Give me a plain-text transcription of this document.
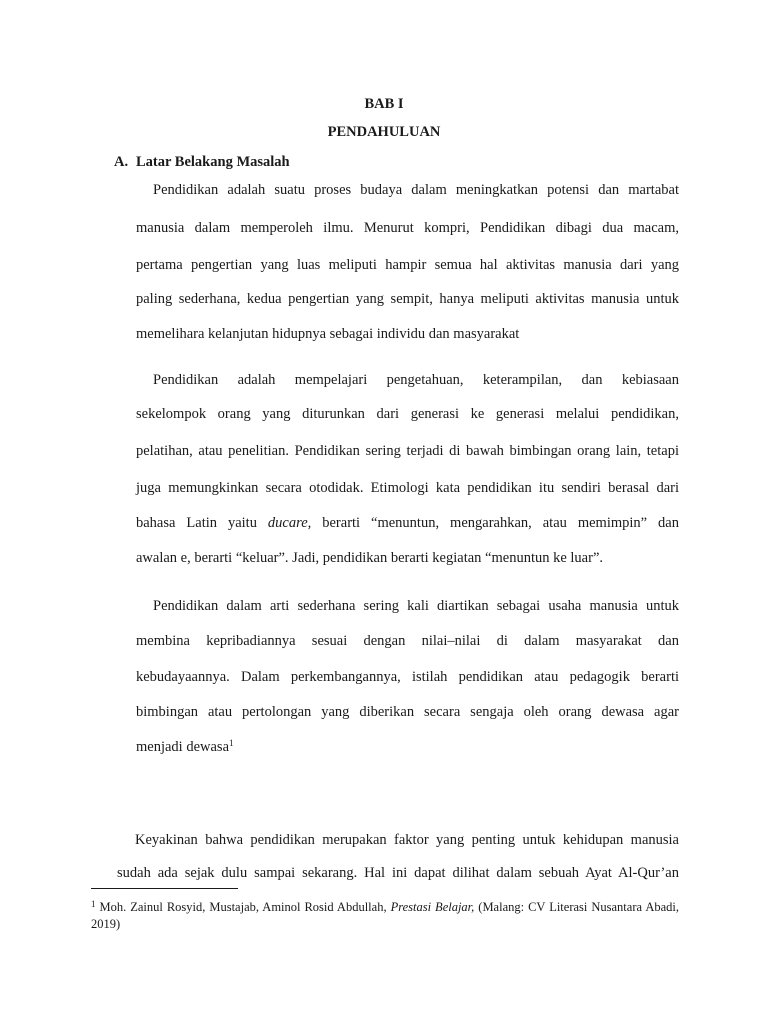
BAB I
PENDAHULUAN
A. Latar Belakang Masalah
Pendidikan adalah suatu proses budaya dalam meningkatkan potensi dan martabat
manusia dalam memperoleh ilmu. Menurut kompri, Pendidikan dibagi dua macam,
pertama pengertian yang luas meliputi hampir semua hal aktivitas manusia dari yang
paling sederhana, kedua pengertian yang sempit, hanya meliputi aktivitas manusia untuk
memelihara kelanjutan hidupnya sebagai individu dan masyarakat
Pendidikan adalah mempelajari pengetahuan, keterampilan, dan kebiasaan
sekelompok orang yang diturunkan dari generasi ke generasi melalui pendidikan,
pelatihan, atau penelitian. Pendidikan sering terjadi di bawah bimbingan orang lain, tetapi
juga memungkinkan secara otodidak. Etimologi kata pendidikan itu sendiri berasal dari
bahasa Latin yaitu ducare, berarti “menuntun, mengarahkan, atau memimpin” dan
awalan e, berarti “keluar”. Jadi, pendidikan berarti kegiatan “menuntun ke luar”.
Pendidikan dalam arti sederhana sering kali diartikan sebagai usaha manusia untuk
membina kepribadiannya sesuai dengan nilai–nilai di dalam masyarakat dan
kebudayaannya. Dalam perkembangannya, istilah pendidikan atau pedagogik berarti
bimbingan atau pertolongan yang diberikan secara sengaja oleh orang dewasa agar
menjadi dewasa$^1$
Keyakinan bahwa pendidikan merupakan faktor yang penting untuk kehidupan manusia
sudah ada sejak dulu sampai sekarang. Hal ini dapat dilihat dalam sebuah Ayat Al-Qur’an
$^1$ Moh. Zainul Rosyid, Mustajab, Aminol Rosid Abdullah, Prestasi Belajar, (Malang: CV Literasi Nusantara Abadi,
2019)
